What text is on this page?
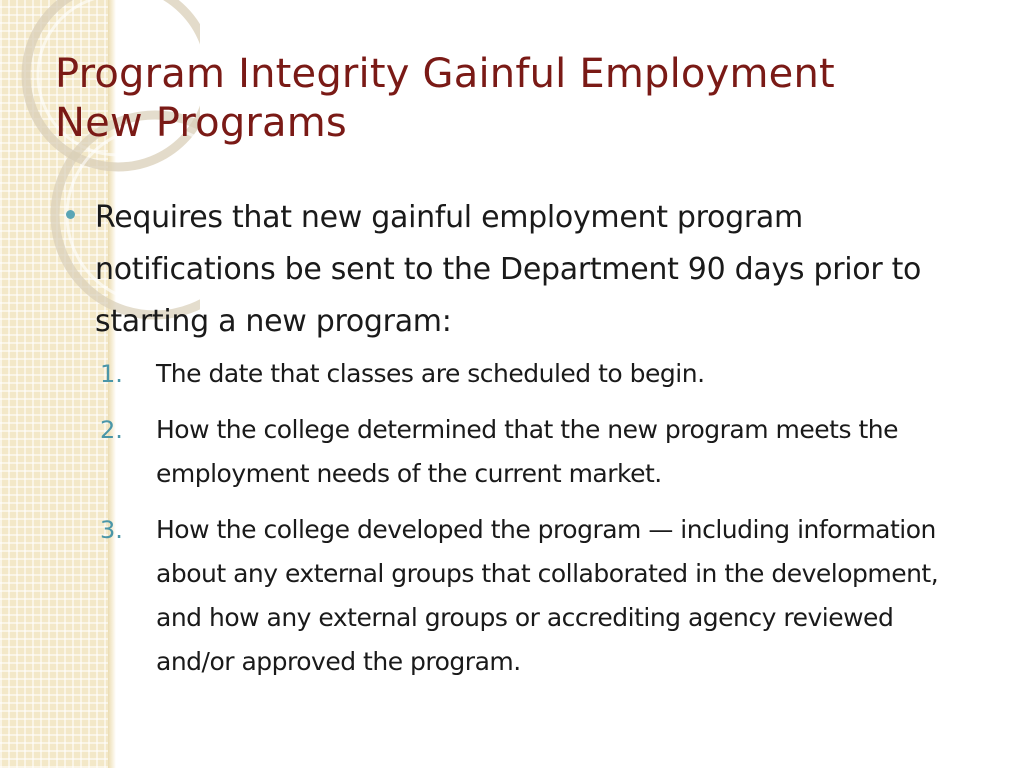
Program Integrity Gainful Employment
New Programs

Requires that new gainful employment program notifications be sent to the Department 90 days prior to starting a new program:

1.	The date that classes are scheduled to begin.
2.	How the college determined that the new program meets the employment needs of the current market.
3.	How the college developed the program — including information about any external groups that collaborated in the development, and how any external groups or accrediting agency reviewed and/or approved the program.
